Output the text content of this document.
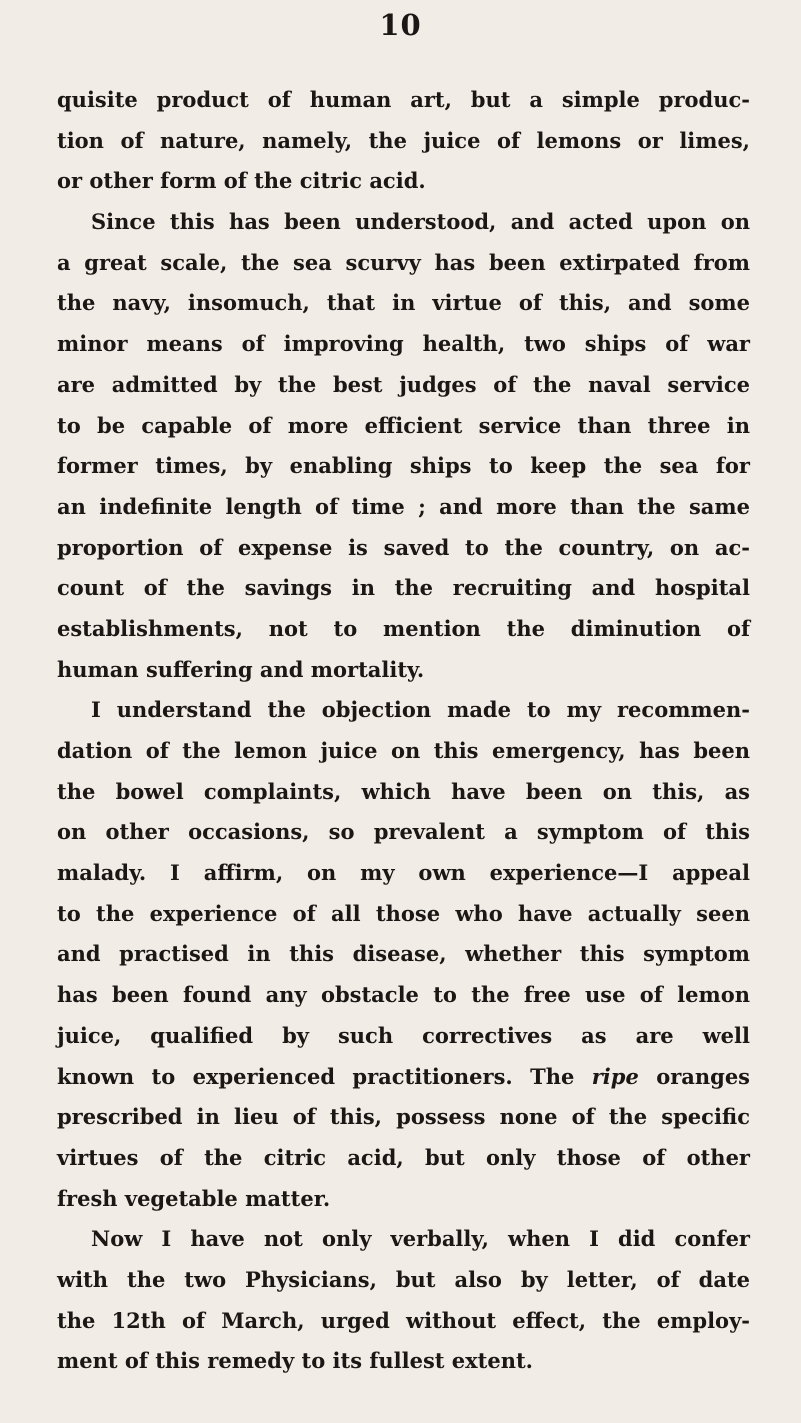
10
quisite product of human art, but a simple produc-
tion of nature, namely, the juice of lemons or limes,
or other form of the citric acid.
Since this has been understood, and acted upon on
a great scale, the sea scurvy has been extirpated from
the navy, insomuch, that in virtue of this, and some
minor means of improving health, two ships of war
are admitted by the best judges of the naval service
to be capable of more efficient service than three in
former times, by enabling ships to keep the sea for
an indefinite length of time ; and more than the same
proportion of expense is saved to the country, on ac-
count of the savings in the recruiting and hospital
establishments, not to mention the diminution of
human suffering and mortality.
I understand the objection made to my recommen-
dation of the lemon juice on this emergency, has been
the bowel complaints, which have been on this, as
on other occasions, so prevalent a symptom of this
malady. I affirm, on my own experience—I appeal
to the experience of all those who have actually seen
and practised in this disease, whether this symptom
has been found any obstacle to the free use of lemon
juice, qualified by such correctives as are well
known to experienced practitioners. The ripe oranges
prescribed in lieu of this, possess none of the specific
virtues of the citric acid, but only those of other
fresh vegetable matter.
Now I have not only verbally, when I did confer
with the two Physicians, but also by letter, of date
the 12th of March, urged without effect, the employ-
ment of this remedy to its fullest extent.
